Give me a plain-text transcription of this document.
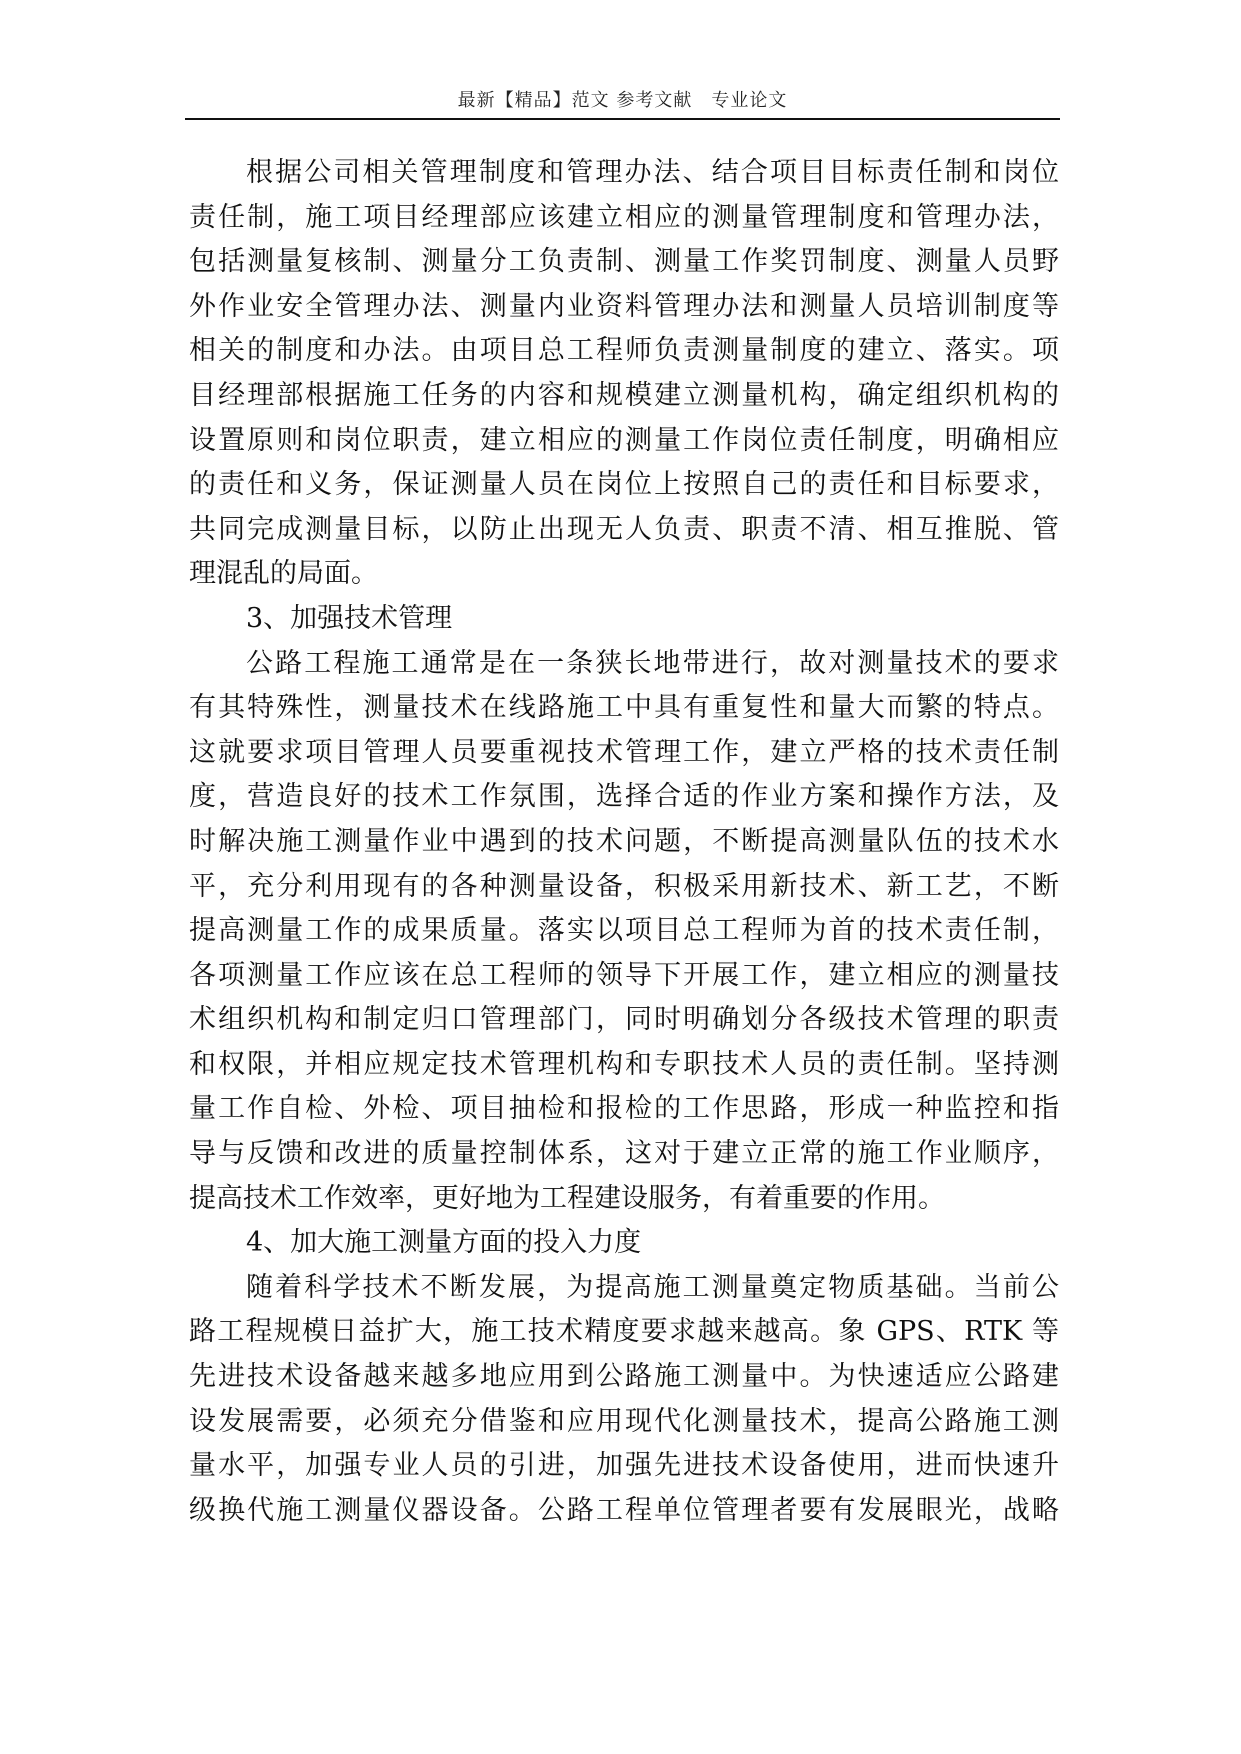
最新【精品】范文 参考文献　专业论文
根据公司相关管理制度和管理办法、结合项目目标责任制和岗位
责任制，施工项目经理部应该建立相应的测量管理制度和管理办法，
包括测量复核制、测量分工负责制、测量工作奖罚制度、测量人员野
外作业安全管理办法、测量内业资料管理办法和测量人员培训制度等
相关的制度和办法。由项目总工程师负责测量制度的建立、落实。项
目经理部根据施工任务的内容和规模建立测量机构，确定组织机构的
设置原则和岗位职责，建立相应的测量工作岗位责任制度，明确相应
的责任和义务，保证测量人员在岗位上按照自己的责任和目标要求，
共同完成测量目标，以防止出现无人负责、职责不清、相互推脱、管
理混乱的局面。
3、加强技术管理
公路工程施工通常是在一条狭长地带进行，故对测量技术的要求
有其特殊性，测量技术在线路施工中具有重复性和量大而繁的特点。
这就要求项目管理人员要重视技术管理工作，建立严格的技术责任制
度，营造良好的技术工作氛围，选择合适的作业方案和操作方法，及
时解决施工测量作业中遇到的技术问题，不断提高测量队伍的技术水
平，充分利用现有的各种测量设备，积极采用新技术、新工艺，不断
提高测量工作的成果质量。落实以项目总工程师为首的技术责任制，
各项测量工作应该在总工程师的领导下开展工作，建立相应的测量技
术组织机构和制定归口管理部门，同时明确划分各级技术管理的职责
和权限，并相应规定技术管理机构和专职技术人员的责任制。坚持测
量工作自检、外检、项目抽检和报检的工作思路，形成一种监控和指
导与反馈和改进的质量控制体系，这对于建立正常的施工作业顺序，
提高技术工作效率，更好地为工程建设服务，有着重要的作用。
4、加大施工测量方面的投入力度
随着科学技术不断发展，为提高施工测量奠定物质基础。当前公
路工程规模日益扩大，施工技术精度要求越来越高。象 GPS、RTK 等
先进技术设备越来越多地应用到公路施工测量中。为快速适应公路建
设发展需要，必须充分借鉴和应用现代化测量技术，提高公路施工测
量水平，加强专业人员的引进，加强先进技术设备使用，进而快速升
级换代施工测量仪器设备。公路工程单位管理者要有发展眼光，战略
